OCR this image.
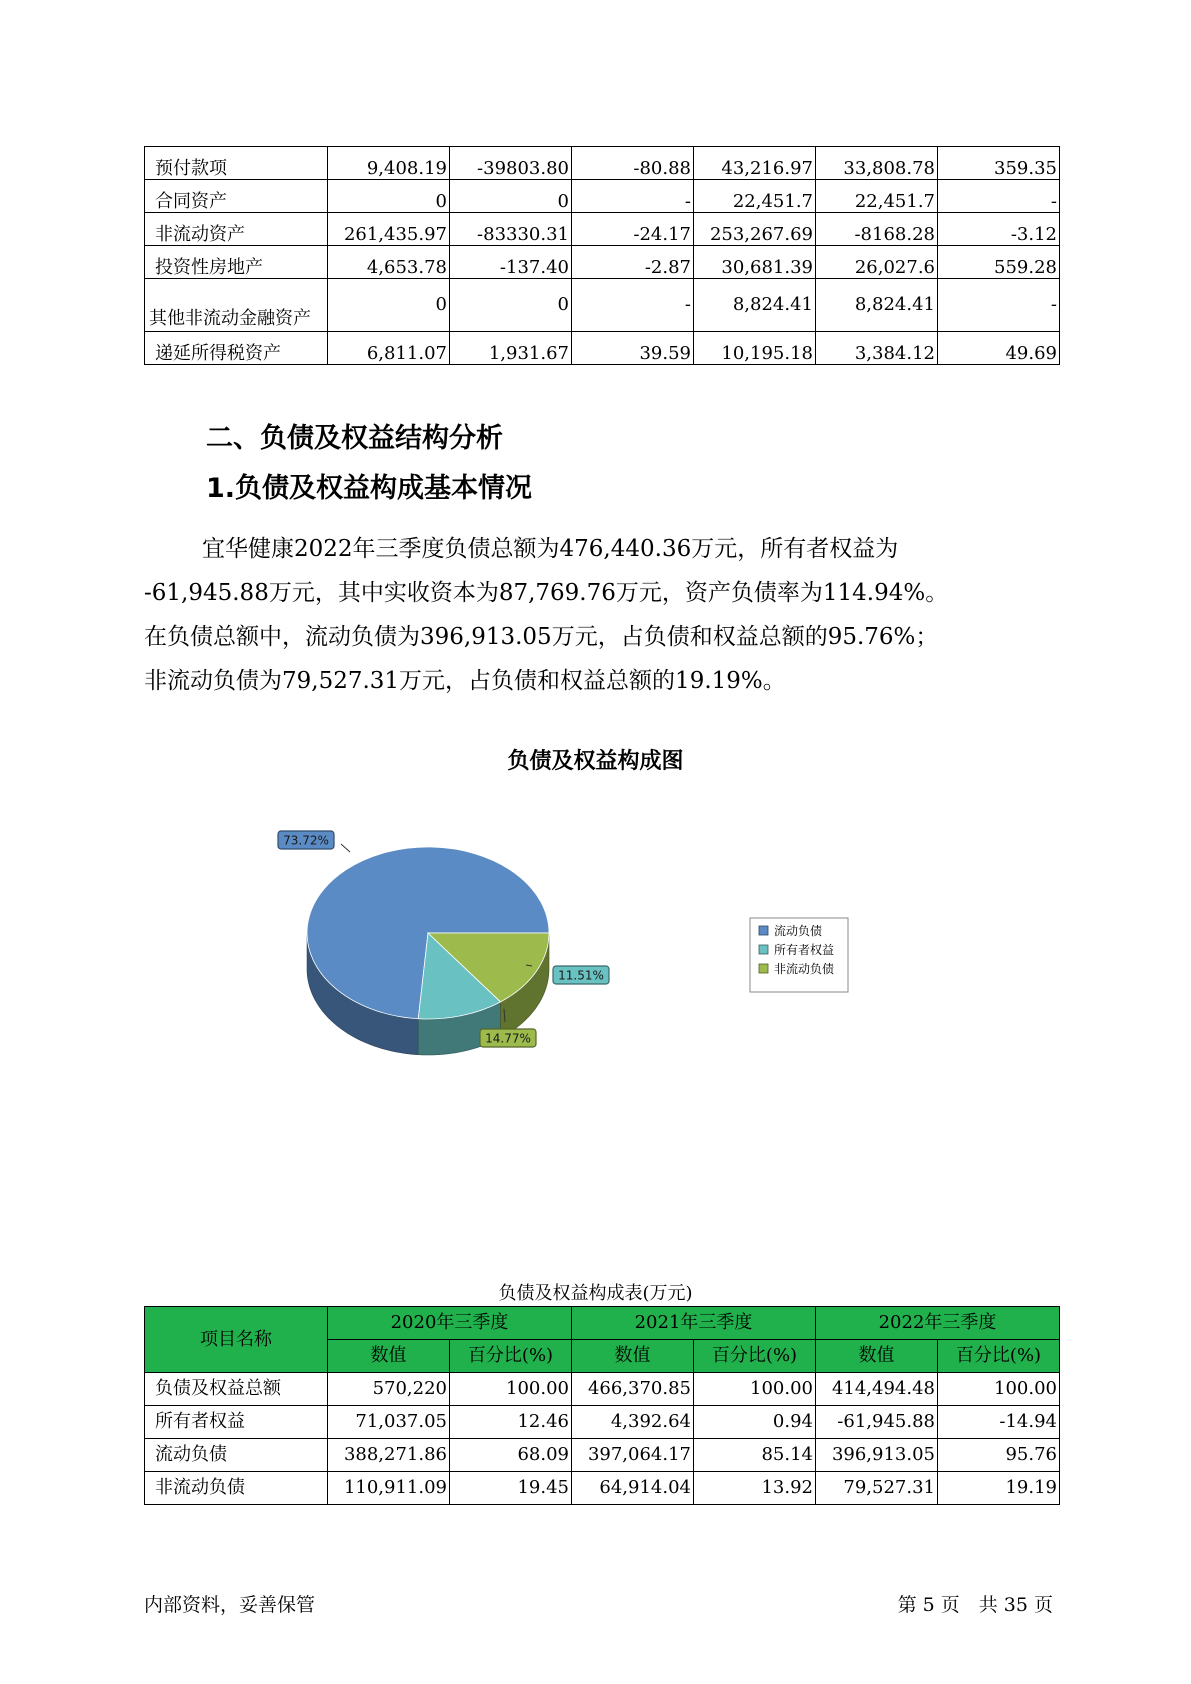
预付款项	9,408.19	-39803.80	-80.88	43,216.97	33,808.78	359.35
合同资产	0	0	-	22,451.7	22,451.7	-
非流动资产	261,435.97	-83330.31	-24.17	253,267.69	-8168.28	-3.12
投资性房地产	4,653.78	-137.40	-2.87	30,681.39	26,027.6	559.28
其他非流动金融资产	0	0	-	8,824.41	8,824.41	-
递延所得税资产	6,811.07	1,931.67	39.59	10,195.18	3,384.12	49.69
二、负债及权益结构分析
1.负债及权益构成基本情况

宜华健康2022年三季度负债总额为476,440.36万元，所有者权益为
-61,945.88万元，其中实收资本为87,769.76万元，资产负债率为114.94%。
在负债总额中，流动负债为396,913.05万元，占负债和权益总额的95.76%；
非流动负债为79,527.31万元，占负债和权益总额的19.19%。

负债及权益构成图
73.72%
11.51%
14.77%
流动负债
所有者权益
非流动负债

负债及权益构成表(万元)

项目名称	2020年三季度		2021年三季度		2022年三季度	
	数值	百分比(%)	数值	百分比(%)	数值	百分比(%)
负债及权益总额	570,220	100.00	466,370.85	100.00	414,494.48	100.00
所有者权益	71,037.05	12.46	4,392.64	0.94	-61,945.88	-14.94
流动负债	388,271.86	68.09	397,064.17	85.14	396,913.05	95.76
非流动负债	110,911.09	19.45	64,914.04	13.92	79,527.31	19.19

内部资料，妥善保管	第 5 页　共 35 页
